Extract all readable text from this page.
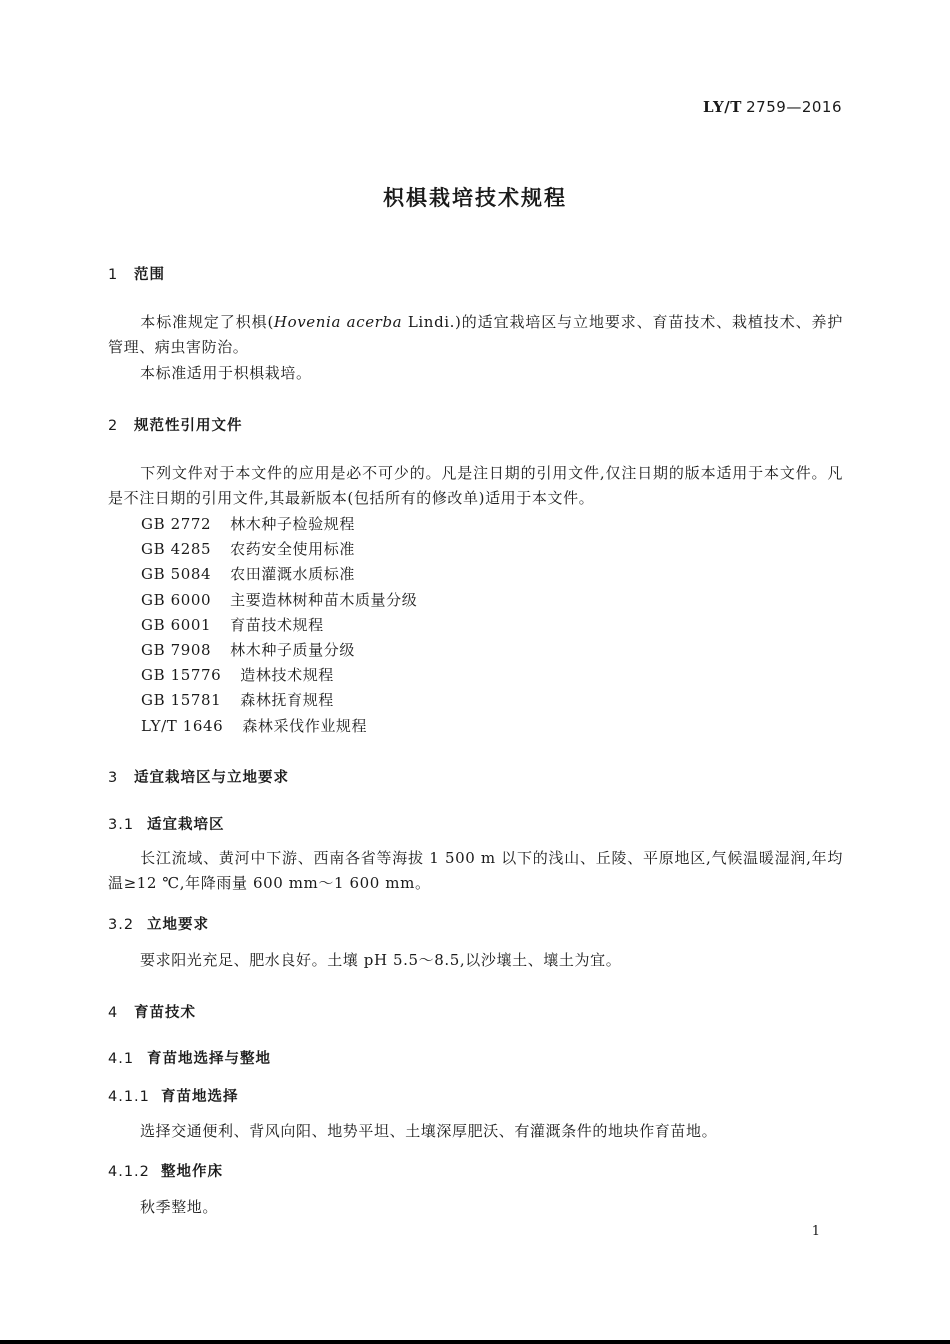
LY/T 2759—2016
枳椇栽培技术规程
1 范围
本标准规定了枳椇(Hovenia acerba Lindi.)的适宜栽培区与立地要求、育苗技术、栽植技术、养护管理、病虫害防治。
本标准适用于枳椇栽培。
2 规范性引用文件
下列文件对于本文件的应用是必不可少的。凡是注日期的引用文件,仅注日期的版本适用于本文件。凡是不注日期的引用文件,其最新版本(包括所有的修改单)适用于本文件。
GB 2772 林木种子检验规程
GB 4285 农药安全使用标准
GB 5084 农田灌溉水质标准
GB 6000 主要造林树种苗木质量分级
GB 6001 育苗技术规程
GB 7908 林木种子质量分级
GB 15776 造林技术规程
GB 15781 森林抚育规程
LY/T 1646 森林采伐作业规程
3 适宜栽培区与立地要求
3.1 适宜栽培区
长江流域、黄河中下游、西南各省等海拔 1 500 m 以下的浅山、丘陵、平原地区,气候温暖湿润,年均温≥12 ℃,年降雨量 600 mm～1 600 mm。
3.2 立地要求
要求阳光充足、肥水良好。土壤 pH 5.5～8.5,以沙壤土、壤土为宜。
4 育苗技术
4.1 育苗地选择与整地
4.1.1 育苗地选择
选择交通便利、背风向阳、地势平坦、土壤深厚肥沃、有灌溉条件的地块作育苗地。
4.1.2 整地作床
秋季整地。
1
